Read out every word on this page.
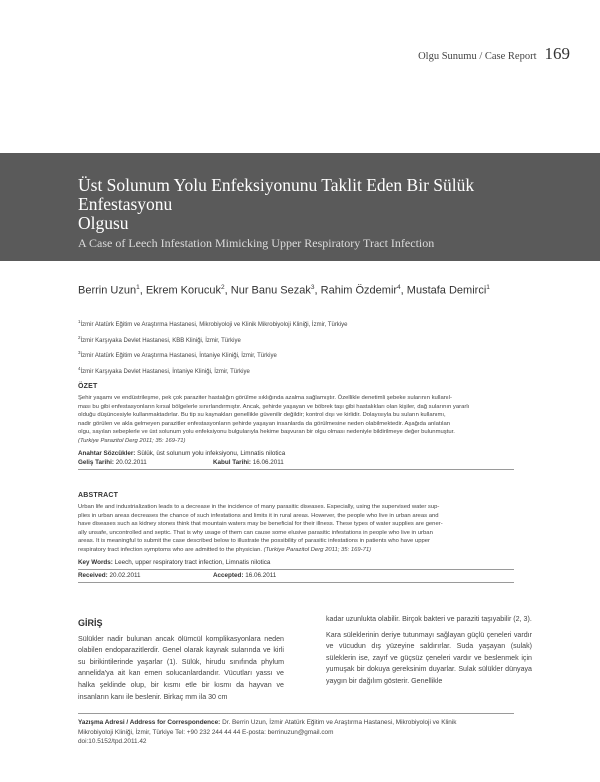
Olgu Sunumu / Case Report 169
Üst Solunum Yolu Enfeksiyonunu Taklit Eden Bir Sülük Enfestasyonu
Olgusu
A Case of Leech Infestation Mimicking Upper Respiratory Tract Infection
Berrin Uzun$^1$, Ekrem Korucuk$^2$, Nur Banu Sezak$^3$, Rahim Özdemir$^4$, Mustafa Demirci$^1$
$^1$İzmir Atatürk Eğitim ve Araştırma Hastanesi, Mikrobiyoloji ve Klinik Mikrobiyoloji Kliniği, İzmir, Türkiye
$^2$İzmir Karşıyaka Devlet Hastanesi, KBB Kliniği, İzmir, Türkiye
$^3$İzmir Atatürk Eğitim ve Araştırma Hastanesi, İntaniye Kliniği, İzmir, Türkiye
$^4$İzmir Karşıyaka Devlet Hastanesi, İntaniye Kliniği, İzmir, Türkiye
ÖZET
Şehir yaşamı ve endüstrileşme, pek çok paraziter hastalığın görülme sıklığında azalma sağlamıştır. Özellikle denetimli şebeke sularının kullanıl-
ması bu gibi enfestasyonların kırsal bölgelerle sınırlandırmıştır. Ancak, şehirde yaşayan ve böbrek taşı gibi hastalıkları olan kişiler, dağ sularının yararlı
olduğu düşüncesiyle kullanmaktadırlar. Bu tip su kaynakları genellikle güvenilir değildir; kontrol dışı ve kirlidir. Dolayısıyla bu suların kullanımı,
nadir görülen ve akla gelmeyen parazitler enfestasyonların şehirde yaşayan insanlarda da görülmesine neden olabilmektedir. Aşağıda anlatılan
olgu, sayılan sebeplerle ve üst solunum yolu enfeksiyonu bulgularıyla hekime başvuran bir olgu olması nedeniyle bildirilmeye değer bulunmuştur.
(Turkiye Parazitol Derg 2011; 35: 169-71)
Anahtar Sözcükler: Sülük, üst solunum yolu infeksiyonu, Limnatis nilotica
Geliş Tarihi: 20.02.2011	Kabul Tarihi: 16.06.2011
ABSTRACT
Urban life and industrialization leads to a decrease in the incidence of many parasitic diseases. Especially, using the supervised water sup-
plies in urban areas decreases the chance of such infestations and limits it in rural areas. However, the people who live in urban areas and
have diseases such as kidney stones think that mountain waters may be beneficial for their illness. These types of water supplies are gener-
ally unsafe, uncontrolled and septic. That is why usage of them can cause some elusive parasitic infestations in people who live in urban
areas. It is meaningful to submit the case described below to illustrate the possibility of parasitic infestations in patients who have upper
respiratory tract infection symptoms who are admitted to the physician. (Turkiye Parazitol Derg 2011; 35: 169-71)
Key Words: Leech, upper respiratory tract infection, Limnatis nilotica
Received: 20.02.2011	Accepted: 16.06.2011
GİRİŞ

Sülükler nadir bulunan ancak ölümcül komplikasyonlara neden olabilen endoparazitlerdir. Genel olarak kaynak sularında ve kirli su birikintilerinde yaşarlar (1). Sülük, hirudu sınıfında phylum annelida'ya ait kan emen solucanlardandır. Vücutları yassı ve halka şeklinde olup, bir kısmı etle bir kısmı da hayvan ve insanların kanı ile beslenir. Birkaç mm ila 30 cm

kadar uzunlukta olabilir. Birçok bakteri ve paraziti taşıyabilir (2, 3).

Kara süleklerinin deriye tutunmayı sağlayan güçlü çeneleri vardır ve vücudun dış yüzeyine saldırırlar. Suda yaşayan (sulak) süleklerin ise, zayıf ve güçsüz çeneleri vardır ve beslenmek için yumuşak bir dokuya gereksinim duyarlar. Sulak sülükler dünyaya yaygın bir dağılım gösterir. Genellikle

Yazışma Adresi / Address for Correspondence: Dr. Berrin Uzun, İzmir Atatürk Eğitim ve Araştırma Hastanesi, Mikrobiyoloji ve Klinik
Mikrobiyoloji Kliniği, İzmir, Türkiye Tel: +90 232 244 44 44 E-posta: berrinuzun@gmail.com
doi:10.5152/tpd.2011.42
